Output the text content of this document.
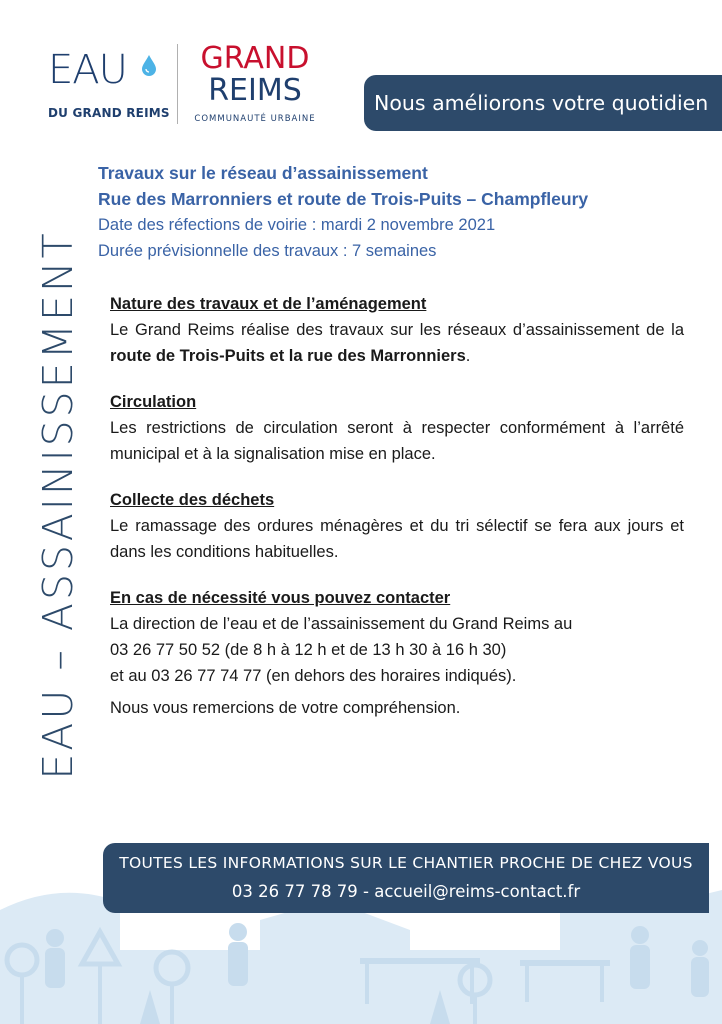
EAU
DU GRAND REIMS
GRAND
REIMS
COMMUNAUTÉ URBAINE
Nous améliorons votre quotidien
EAU – ASSAINISSEMENT
Travaux sur le réseau d’assainissement
Rue des Marronniers et route de Trois-Puits – Champfleury
Date des réfections de voirie : mardi 2 novembre 2021
Durée prévisionnelle des travaux : 7 semaines
Nature des travaux et de l’aménagement
Le Grand Reims réalise des travaux sur les réseaux d’assainissement de la route de Trois-Puits et la rue des Marronniers.
Circulation
Les restrictions de circulation seront à respecter conformément à l’arrêté municipal et à la signalisation mise en place.
Collecte des déchets
Le ramassage des ordures ménagères et du tri sélectif se fera aux jours et dans les conditions habituelles.
En cas de nécessité vous pouvez contacter
La direction de l’eau et de l’assainissement du Grand Reims au
03 26 77 50 52 (de 8 h à 12 h et de 13 h 30 à 16 h 30)
et au 03 26 77 74 77 (en dehors des horaires indiqués).
Nous vous remercions de votre compréhension.
TOUTES LES INFORMATIONS SUR LE CHANTIER PROCHE DE CHEZ VOUS
03 26 77 78 79 - accueil@reims-contact.fr
